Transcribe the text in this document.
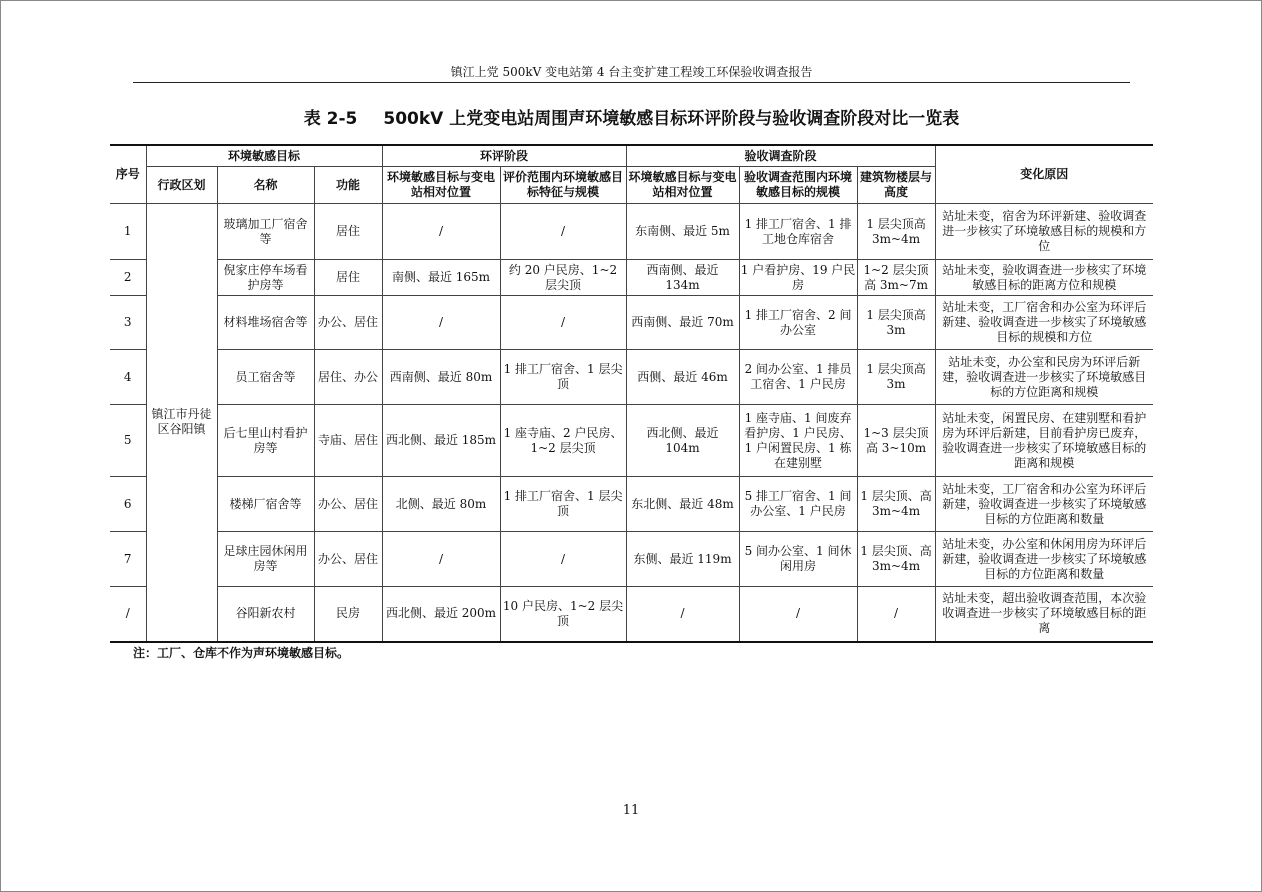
镇江上党 500kV 变电站第 4 台主变扩建工程竣工环保验收调查报告
表 2-5 500kV 上党变电站周围声环境敏感目标环评阶段与验收调查阶段对比一览表
序号	环境敏感目标			环评阶段		验收调查阶段			变化原因
	行政区划	名称	功能	环境敏感目标与变电站相对位置	评价范围内环境敏感目标特征与规模	环境敏感目标与变电站相对位置	验收调查范围内环境敏感目标的规模	建筑物楼层与高度	
1	镇江市丹徒区谷阳镇	玻璃加工厂宿舍等	居住	/	/	东南侧、最近 5m	1 排工厂宿舍、1 排工地仓库宿舍	1 层尖顶高 3m~4m	站址未变，宿舍为环评新建、验收调查进一步核实了环境敏感目标的规模和方位
2		倪家庄停车场看护房等	居住	南侧、最近 165m	约 20 户民房、1~2 层尖顶	西南侧、最近 134m	1 户看护房、19 户民房	1~2 层尖顶高 3m~7m	站址未变，验收调查进一步核实了环境敏感目标的距离方位和规模
3		材料堆场宿舍等	办公、居住	/	/	西南侧、最近 70m	1 排工厂宿舍、2 间办公室	1 层尖顶高 3m	站址未变，工厂宿舍和办公室为环评后新建、验收调查进一步核实了环境敏感目标的规模和方位
4		员工宿舍等	居住、办公	西南侧、最近 80m	1 排工厂宿舍、1 层尖顶	西侧、最近 46m	2 间办公室、1 排员工宿舍、1 户民房	1 层尖顶高 3m	站址未变，办公室和民房为环评后新建，验收调查进一步核实了环境敏感目标的方位距离和规模
5		后七里山村看护房等	寺庙、居住	西北侧、最近 185m	1 座寺庙、2 户民房、1~2 层尖顶	西北侧、最近 104m	1 座寺庙、1 间废弃看护房、1 户民房、1 户闲置民房、1 栋在建别墅	1~3 层尖顶高 3~10m	站址未变，闲置民房、在建别墅和看护房为环评后新建，目前看护房已废弃，验收调查进一步核实了环境敏感目标的距离和规模
6		楼梯厂宿舍等	办公、居住	北侧、最近 80m	1 排工厂宿舍、1 层尖顶	东北侧、最近 48m	5 排工厂宿舍、1 间办公室、1 户民房	1 层尖顶、高 3m~4m	站址未变，工厂宿舍和办公室为环评后新建，验收调查进一步核实了环境敏感目标的方位距离和数量
7		足球庄园休闲用房等	办公、居住	/	/	东侧、最近 119m	5 间办公室、1 间休闲用房	1 层尖顶、高 3m~4m	站址未变，办公室和休闲用房为环评后新建，验收调查进一步核实了环境敏感目标的方位距离和数量
/		谷阳新农村	民房	西北侧、最近 200m	10 户民房、1~2 层尖顶	/	/	/	站址未变，超出验收调查范围，本次验收调查进一步核实了环境敏感目标的距离
注：工厂、仓库不作为声环境敏感目标。
11
